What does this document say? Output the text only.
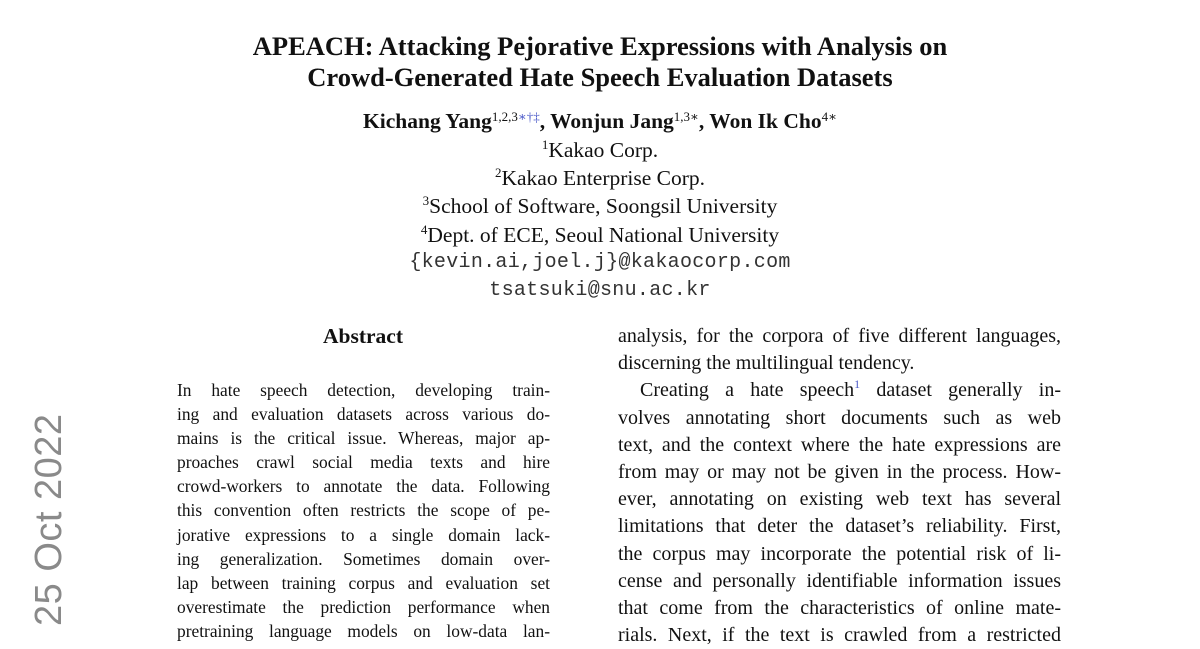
25 Oct 2022
APEACH: Attacking Pejorative Expressions with Analysis on
Crowd-Generated Hate Speech Evaluation Datasets
Kichang Yang$^{1,2,3∗\dagger\ddagger}$, Wonjun Jang$^{1,3∗}$, Won Ik Cho$^{4∗}$
$^1$Kakao Corp.
$^2$Kakao Enterprise Corp.
$^3$School of Software, Soongsil University
$^4$Dept. of ECE, Seoul National University
{kevin.ai,joel.j}@kakaocorp.com
tsatsuki@snu.ac.kr
Abstract
In hate speech detection, developing train-
ing and evaluation datasets across various do-
mains is the critical issue. Whereas, major ap-
proaches crawl social media texts and hire
crowd-workers to annotate the data. Following
this convention often restricts the scope of pe-
jorative expressions to a single domain lack-
ing generalization. Sometimes domain over-
lap between training corpus and evaluation set
overestimate the prediction performance when
pretraining language models on low-data lan-
analysis, for the corpora of five different languages,
discerning the multilingual tendency.
Creating a hate speech$^1$ dataset generally in-
volves annotating short documents such as web
text, and the context where the hate expressions are
from may or may not be given in the process. How-
ever, annotating on existing web text has several
limitations that deter the dataset’s reliability. First,
the corpus may incorporate the potential risk of li-
cense and personally identifiable information issues
that come from the characteristics of online mate-
rials. Next, if the text is crawled from a restricted
